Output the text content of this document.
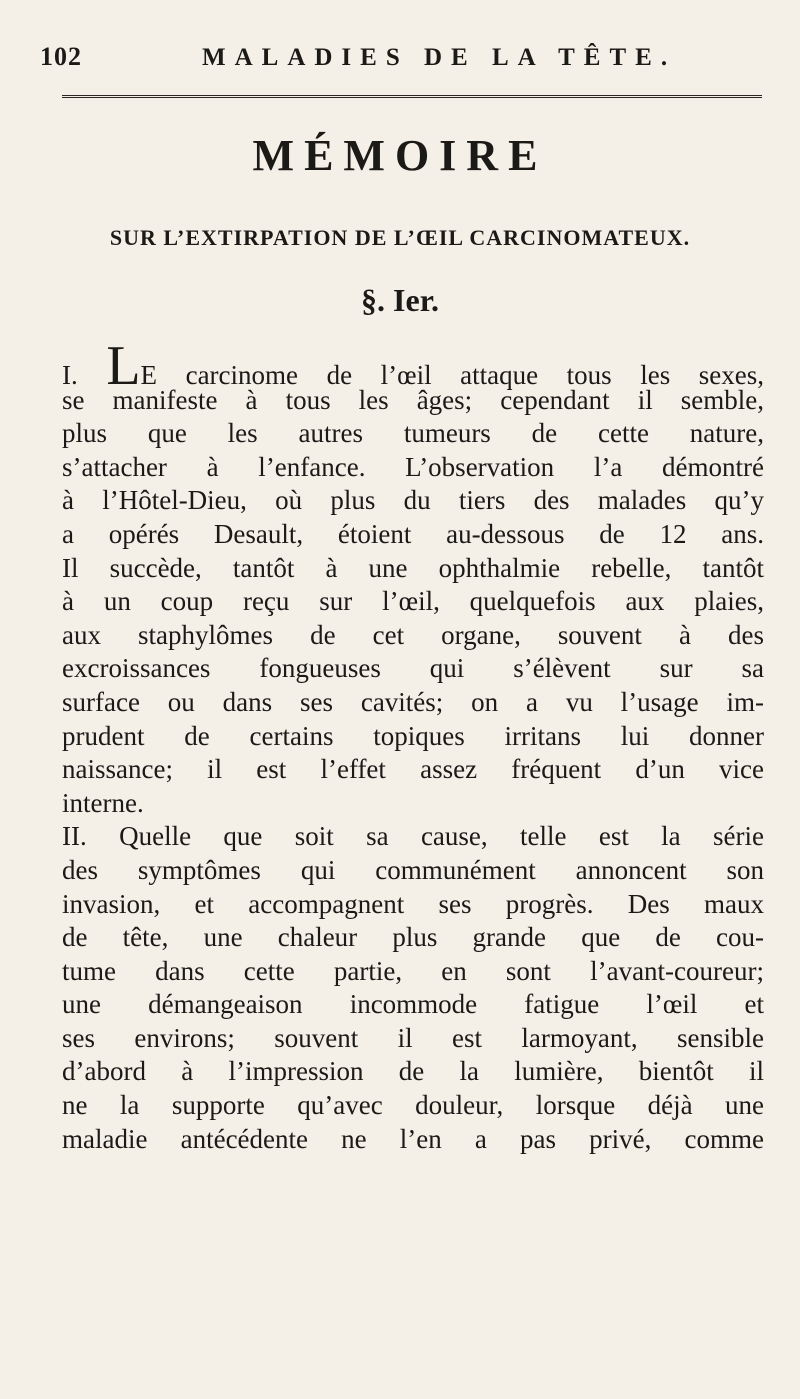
102	MALADIES DE LA TÊTE.
MÉMOIRE
SUR L’EXTIRPATION DE L’ŒIL CARCINOMATEUX.
§. Ier.
I. LE carcinome de l’œil attaque tous les sexes,
se manifeste à tous les âges; cependant il semble,
plus que les autres tumeurs de cette nature,
s’attacher à l’enfance. L’observation l’a démontré
à l’Hôtel-Dieu, où plus du tiers des malades qu’y
a opérés Desault, étoient au-dessous de 12 ans.
Il succède, tantôt à une ophthalmie rebelle, tantôt
à un coup reçu sur l’œil, quelquefois aux plaies,
aux staphylômes de cet organe, souvent à des
excroissances fongueuses qui s’élèvent sur sa
surface ou dans ses cavités; on a vu l’usage im-
prudent de certains topiques irritans lui donner
naissance; il est l’effet assez fréquent d’un vice
interne.
II. Quelle que soit sa cause, telle est la série
des symptômes qui communément annoncent son
invasion, et accompagnent ses progrès. Des maux
de tête, une chaleur plus grande que de cou-
tume dans cette partie, en sont l’avant-coureur;
une démangeaison incommode fatigue l’œil et
ses environs; souvent il est larmoyant, sensible
d’abord à l’impression de la lumière, bientôt il
ne la supporte qu’avec douleur, lorsque déjà une
maladie antécédente ne l’en a pas privé, comme
